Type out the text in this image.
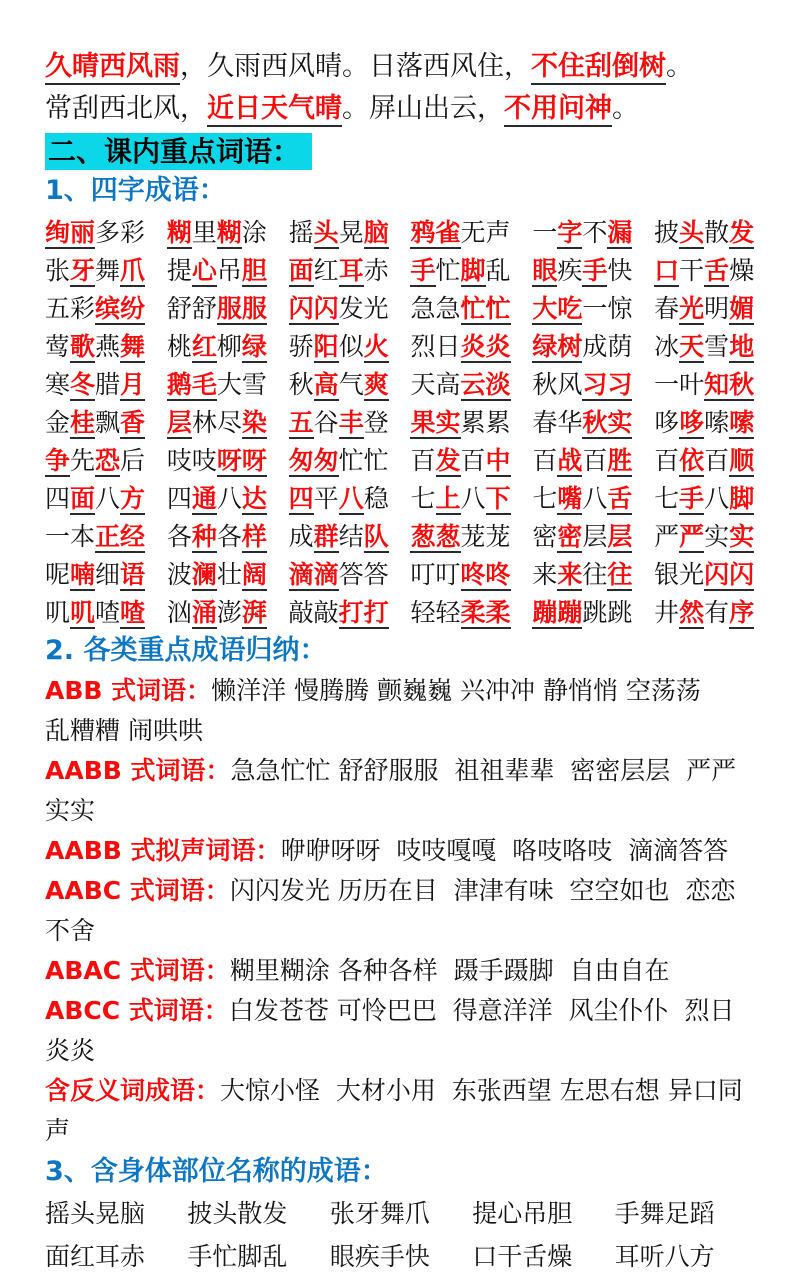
久晴西风雨，久雨西风晴。日落西风住，不住刮倒树。
常刮西北风，近日天气晴。屏山出云，不用问神。
二、课内重点词语：
1、四字成语：
绚丽多彩 糊里糊涂 摇头晃脑 鸦雀无声 一字不漏 披头散发
张牙舞爪 提心吊胆 面红耳赤 手忙脚乱 眼疾手快 口干舌燥
五彩缤纷 舒舒服服 闪闪发光 急急忙忙 大吃一惊 春光明媚
莺歌燕舞 桃红柳绿 骄阳似火 烈日炎炎 绿树成荫 冰天雪地
寒冬腊月 鹅毛大雪 秋高气爽 天高云淡 秋风习习 一叶知秋
金桂飘香 层林尽染 五谷丰登 果实累累 春华秋实 哆哆嗦嗦
争先恐后 吱吱呀呀 匆匆忙忙 百发百中 百战百胜 百依百顺
四面八方 四通八达 四平八稳 七上八下 七嘴八舌 七手八脚
一本正经 各种各样 成群结队 葱葱茏茏 密密层层 严严实实
呢喃细语 波澜壮阔 滴滴答答 叮叮咚咚 来来往往 银光闪闪
叽叽喳喳 汹涌澎湃 敲敲打打 轻轻柔柔 蹦蹦跳跳 井然有序
2. 各类重点成语归纳：
ABB 式词语：懒洋洋 慢腾腾 颤巍巍 兴冲冲 静悄悄 空荡荡
乱糟糟 闹哄哄
AABB 式词语：急急忙忙 舒舒服服  祖祖辈辈  密密层层  严严实实
AABB 式拟声词语：咿咿呀呀  吱吱嘎嘎  咯吱咯吱  滴滴答答
AABC 式词语：闪闪发光 历历在目  津津有味  空空如也  恋恋不舍
ABAC 式词语：糊里糊涂 各种各样  蹑手蹑脚  自由自在
ABCC 式词语：白发苍苍 可怜巴巴  得意洋洋  风尘仆仆  烈日炎炎
含反义词成语：大惊小怪  大材小用  东张西望 左思右想 异口同声
3、含身体部位名称的成语：
摇头晃脑	披头散发	张牙舞爪	提心吊胆	手舞足蹈
面红耳赤	手忙脚乱	眼疾手快	口干舌燥	耳听八方
